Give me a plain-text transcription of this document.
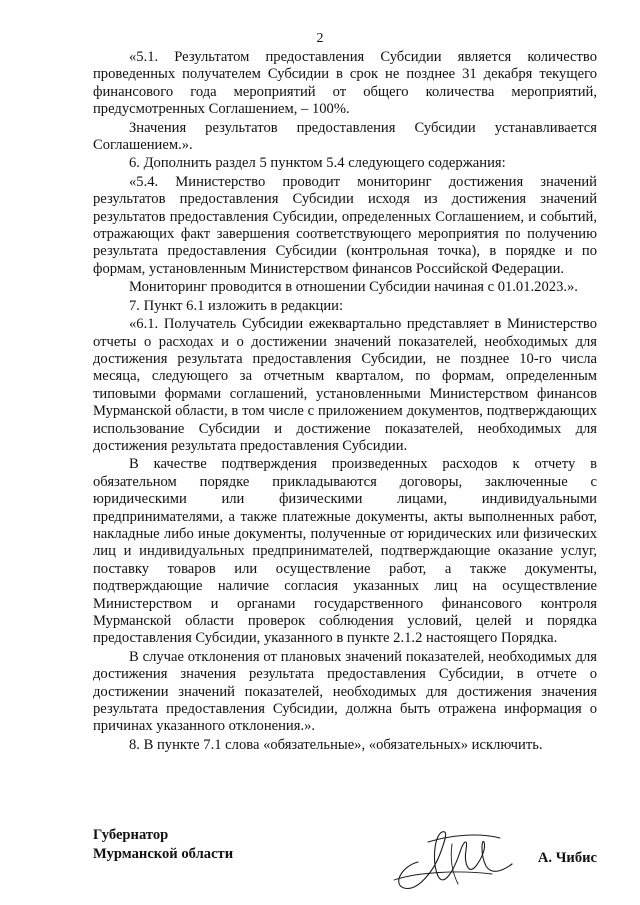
2

«5.1. Результатом предоставления Субсидии является количество проведенных получателем Субсидии в срок не позднее 31 декабря текущего финансового года мероприятий от общего количества мероприятий, предусмотренных Соглашением, – 100%.

Значения результатов предоставления Субсидии устанавливается Соглашением.».

6. Дополнить раздел 5 пунктом 5.4 следующего содержания:

«5.4. Министерство проводит мониторинг достижения значений результатов предоставления Субсидии исходя из достижения значений результатов предоставления Субсидии, определенных Соглашением, и событий, отражающих факт завершения соответствующего мероприятия по получению результата предоставления Субсидии (контрольная точка), в порядке и по формам, установленным Министерством финансов Российской Федерации.

Мониторинг проводится в отношении Субсидии начиная с 01.01.2023.».

7. Пункт 6.1 изложить в редакции:

«6.1. Получатель Субсидии ежеквартально представляет в Министерство отчеты о расходах и о достижении значений показателей, необходимых для достижения результата предоставления Субсидии, не позднее 10-го числа месяца, следующего за отчетным кварталом, по формам, определенным типовыми формами соглашений, установленными Министерством финансов Мурманской области, в том числе с приложением документов, подтверждающих использование Субсидии и достижение показателей, необходимых для достижения результата предоставления Субсидии.

В качестве подтверждения произведенных расходов к отчету в обязательном порядке прикладываются договоры, заключенные с юридическими или физическими лицами, индивидуальными предпринимателями, а также платежные документы, акты выполненных работ, накладные либо иные документы, полученные от юридических или физических лиц и индивидуальных предпринимателей, подтверждающие оказание услуг, поставку товаров или осуществление работ, а также документы, подтверждающие наличие согласия указанных лиц на осуществление Министерством и органами государственного финансового контроля Мурманской области проверок соблюдения условий, целей и порядка предоставления Субсидии, указанного в пункте 2.1.2 настоящего Порядка.

В случае отклонения от плановых значений показателей, необходимых для достижения значения результата предоставления Субсидии, в отчете о достижении значений показателей, необходимых для достижения значения результата предоставления Субсидии, должна быть отражена информация о причинах указанного отклонения.».

8. В пункте 7.1 слова «обязательные», «обязательных» исключить.

Губернатор
Мурманской области	А. Чибис
